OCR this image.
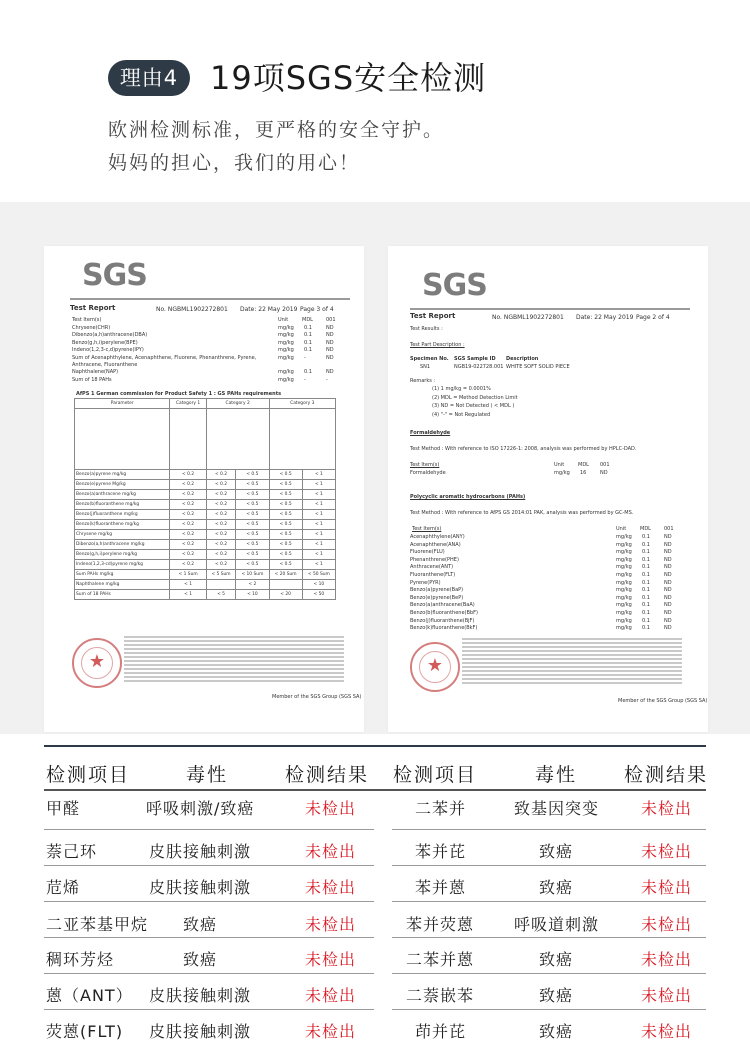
理由4 19项SGS安全检测
欧洲检测标准，更严格的安全守护。
妈妈的担心，我们的用心！
SGS
Test Report	No. NGBML1902272801 Date: 22 May 2019 Page 3 of 4
Test Item(s)	Unit	MDL	001
Chrysene(CHR)	mg/kg 0.1	ND
Dibenzo(a,h)anthracene(DBA)	mg/kg 0.1	ND
Benzo(g,h,i)perylene(BPE)	mg/kg 0.1	ND
Indeno(1,2,3-c,d)pyrene(IPY)	mg/kg 0.1	ND
Sum of Acenaphthylene, Acenaphthene, Fluorene, Phenanthrene, Pyrene,	mg/kg -	ND
Anthracene, Fluoranthene
Naphthalene(NAP)	mg/kg 0.1	ND
Sum of 18 PAHs	mg/kg -	-
AfPS 1 German commission for Product Safety 1 : GS PAHs requirements
Parameter	Category 1	Category 2		Category 3	

Benzo(a)pyrene mg/kg	< 0.2	< 0.2	< 0.5	< 0.5	< 1
Benzo(e)pyrene Mg/kg	< 0.2	< 0.2	< 0.5	< 0.5	< 1
Benzo(a)anthracene mg/kg	< 0.2	< 0.2	< 0.5	< 0.5	< 1
Benzo(b)fluoranthene mg/kg	< 0.2	< 0.2	< 0.5	< 0.5	< 1
Benzo(j)fluoranthene mg/kg	< 0.2	< 0.2	< 0.5	< 0.5	< 1
Benzo(k)fluoranthene mg/kg	< 0.2	< 0.2	< 0.5	< 0.5	< 1
Chrysene mg/kg	< 0.2	< 0.2	< 0.5	< 0.5	< 1
Dibenzo(a,h)anthracene mg/kg	< 0.2	< 0.2	< 0.5	< 0.5	< 1
Benzo(g,h,i)perylene mg/kg	< 0.2	< 0.2	< 0.5	< 0.5	< 1
Indeno(1,2,3-cd)pyrene mg/kg	< 0.2	< 0.2	< 0.5	< 0.5	< 1
Sum PAHs mg/kg	< 1 Sum	< 5 Sum	< 10 Sum	< 20 Sum	< 50 Sum
Naphthalene mg/kg	< 1		< 2		< 10
Sum of 18 PAHs	< 1	< 5	< 10	< 20	< 50
★
Member of the SGS Group (SGS SA)
SGS
Test Report	No. NGBML1902272801 Date: 22 May 2019 Page 2 of 4
Test Results :
Test Part Description :
Specimen No. SGS Sample ID Description
SN1	NGB19-022728.001 WHITE SOFT SOLID PIECE
Remarks :
(1) 1 mg/kg = 0.0001%
(2) MDL = Method Detection Limit
(3) ND = Not Detected ( < MDL )
(4) "-" = Not Regulated
Formaldehyde
Test Method : With reference to ISO 17226-1: 2008, analysis was performed by HPLC-DAD.
Test Item(s)	Unit	MDL 001
Formaldehyde	mg/kg 16	ND
Polycyclic aromatic hydrocarbons (PAHs)
Test Method : With reference to AfPS GS 2014:01 PAK, analysis was performed by GC-MS.
Test Item(s)	Unit	MDL	001
Acenaphthylene(ANY)	mg/kg 0.1	ND
Acenaphthene(ANA)	mg/kg 0.1	ND
Fluorene(FLU)	mg/kg 0.1	ND
Phenanthrene(PHE)	mg/kg 0.1	ND
Anthracene(ANT)	mg/kg 0.1	ND
Fluoranthene(FLT)	mg/kg 0.1	ND
Pyrene(PYR)	mg/kg 0.1	ND
Benzo(a)pyrene(BaP)	mg/kg 0.1	ND
Benzo(e)pyrene(BeP)	mg/kg 0.1	ND
Benzo(a)anthracene(BaA)	mg/kg 0.1	ND
Benzo(b)fluoranthene(BbF)	mg/kg 0.1	ND
Benzo(j)fluoranthene(BjF)	mg/kg 0.1	ND
Benzo(k)fluoranthene(BkF)	mg/kg 0.1	ND
★
Member of the SGS Group (SGS SA)
检测项目	毒性	检测结果 检测项目	毒性 检测结果
甲醛	呼吸刺激/致癌	未检出
萘己环	皮肤接触刺激	未检出
苊烯	皮肤接触刺激	未检出
二亚苯基甲烷 致癌	未检出
稠环芳烃	致癌	未检出
蒽（ANT） 皮肤接触刺激	未检出
荧蒽(FLT) 皮肤接触刺激	未检出
二苯并	致基因突变	未检出
苯并芘	致癌	未检出
苯并蒽	致癌	未检出
苯并荧蒽 呼吸道刺激	未检出
二苯并蒽	致癌	未检出
二萘嵌苯	致癌	未检出
茚并芘	致癌	未检出
